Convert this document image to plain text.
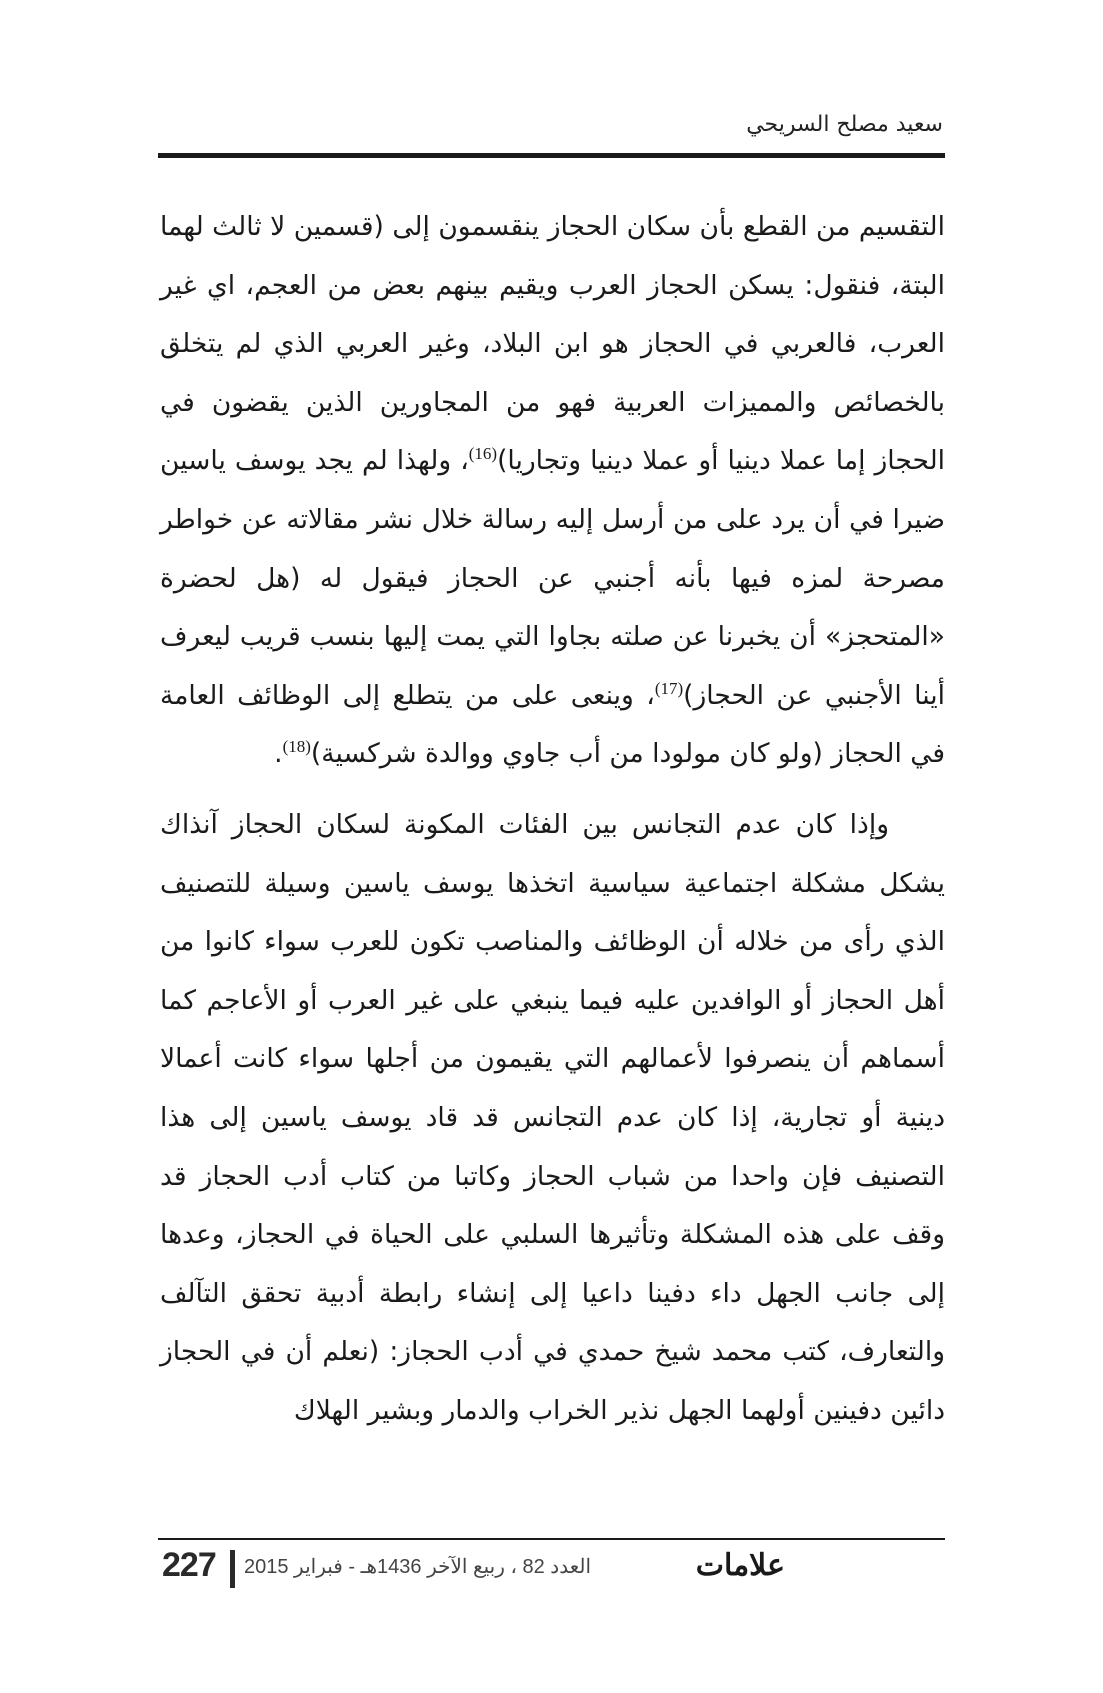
سعيد مصلح السريحي

التقسيم من القطع بأن سكان الحجاز ينقسمون إلى (قسمين لا ثالث لهما البتة، فنقول: يسكن الحجاز العرب ويقيم بينهم بعض من العجم، اي غير العرب، فالعربي في الحجاز هو ابن البلاد، وغير العربي الذي لم يتخلق بالخصائص والمميزات العربية فهو من المجاورين الذين يقضون في الحجاز إما عملا دينيا أو عملا دينيا وتجاريا)$^{(16)}$، ولهذا لم يجد يوسف ياسين ضيرا في أن يرد على من أرسل إليه رسالة خلال نشر مقالاته عن خواطر مصرحة لمزه فيها بأنه أجنبي عن الحجاز فيقول له (هل لحضرة «المتحجز» أن يخبرنا عن صلته بجاوا التي يمت إليها بنسب قريب ليعرف أينا الأجنبي عن الحجاز)$^{(17)}$، وينعى على من يتطلع إلى الوظائف العامة في الحجاز (ولو كان مولودا من أب جاوي ووالدة شركسية)$^{(18)}$.

وإذا كان عدم التجانس بين الفئات المكونة لسكان الحجاز آنذاك يشكل مشكلة اجتماعية سياسية اتخذها يوسف ياسين وسيلة للتصنيف الذي رأى من خلاله أن الوظائف والمناصب تكون للعرب سواء كانوا من أهل الحجاز أو الوافدين عليه فيما ينبغي على غير العرب أو الأعاجم كما أسماهم أن ينصرفوا لأعمالهم التي يقيمون من أجلها سواء كانت أعمالا دينية أو تجارية، إذا كان عدم التجانس قد قاد يوسف ياسين إلى هذا التصنيف فإن واحدا من شباب الحجاز وكاتبا من كتاب أدب الحجاز قد وقف على هذه المشكلة وتأثيرها السلبي على الحياة في الحجاز، وعدها إلى جانب الجهل داء دفينا داعيا إلى إنشاء رابطة أدبية تحقق التآلف والتعارف، كتب محمد شيخ حمدي في أدب الحجاز: (نعلم أن في الحجاز دائين دفينين أولهما الجهل نذير الخراب والدمار وبشير الهلاك

227 العدد 82 ، ربيع الآخر 1436هـ - فبراير 2015	علامات
